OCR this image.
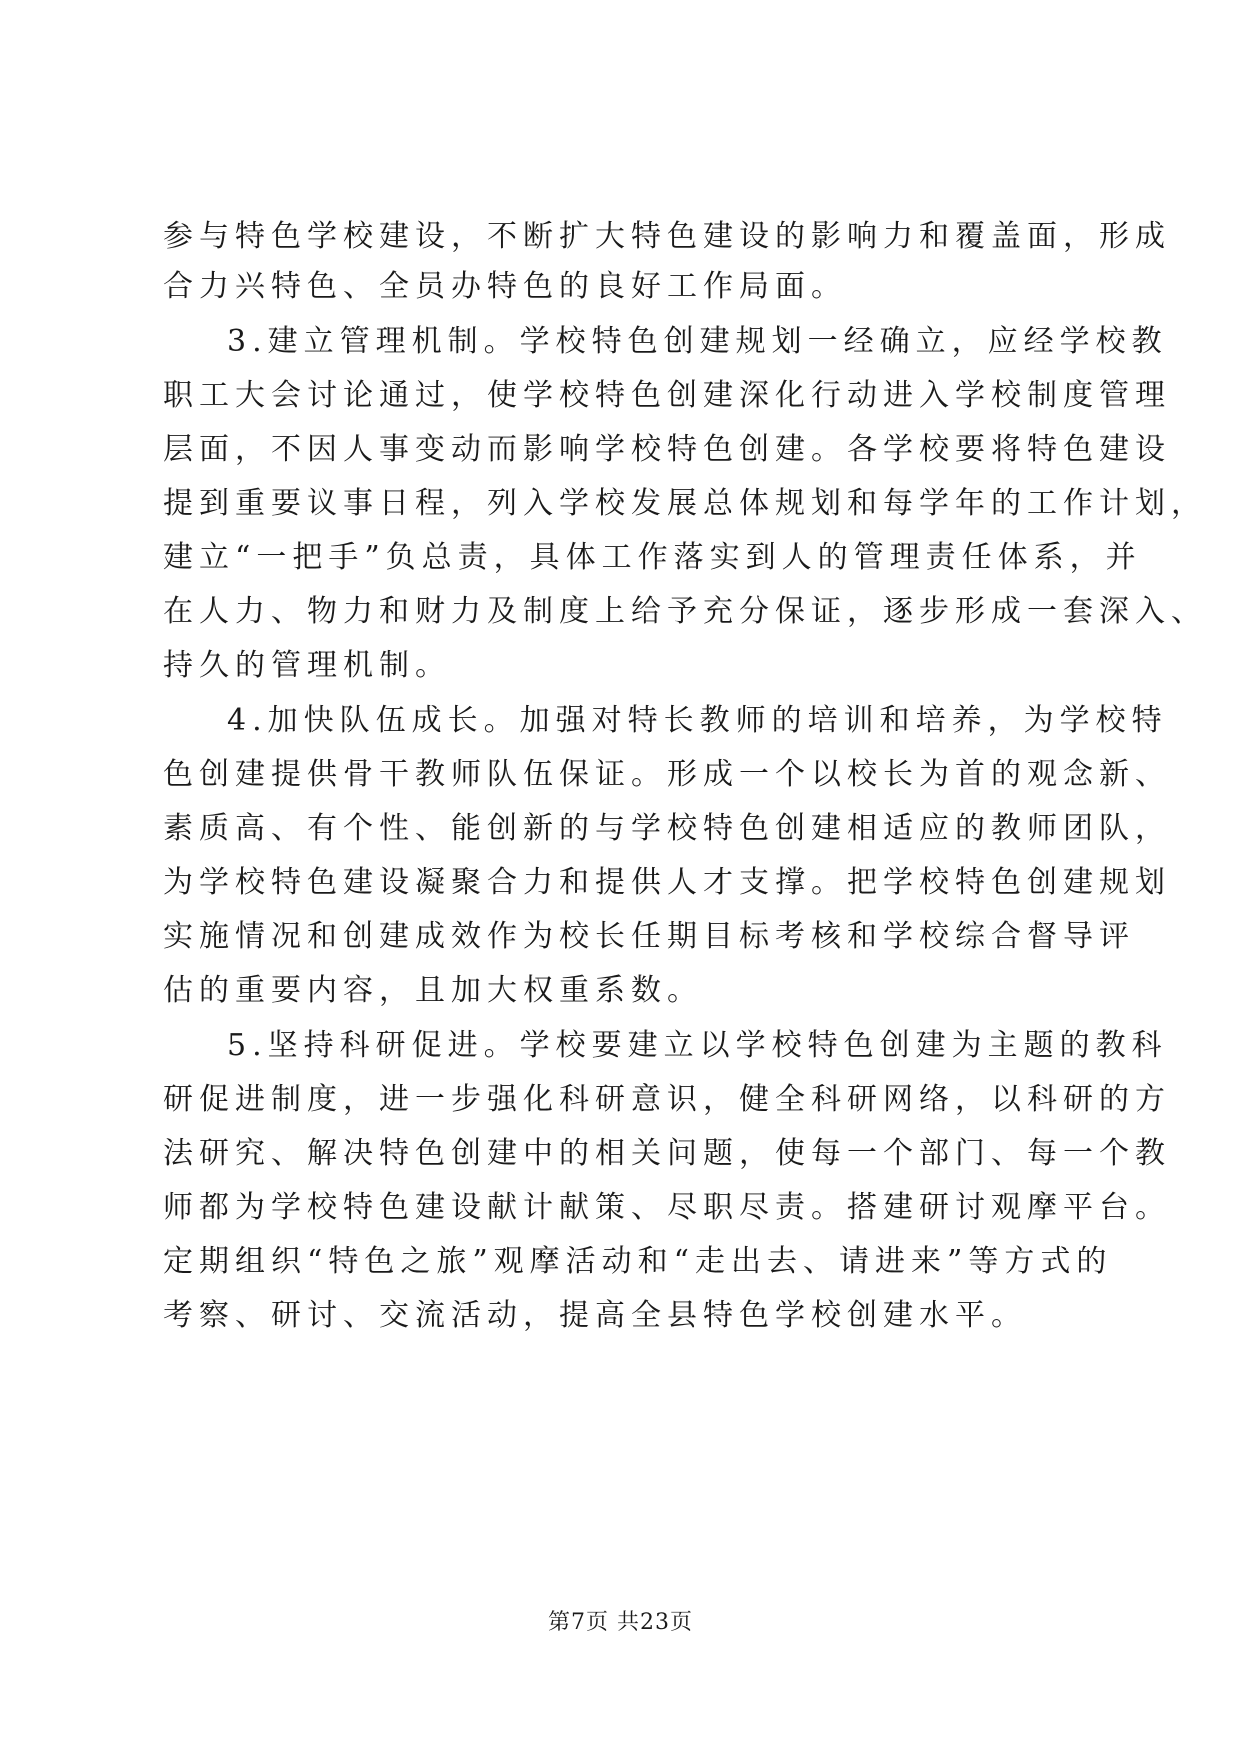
参与特色学校建设，不断扩大特色建设的影响力和覆盖面，形成
合力兴特色、全员办特色的良好工作局面。
3.建立管理机制。学校特色创建规划一经确立，应经学校教
职工大会讨论通过，使学校特色创建深化行动进入学校制度管理
层面，不因人事变动而影响学校特色创建。各学校要将特色建设
提到重要议事日程，列入学校发展总体规划和每学年的工作计划，
建立“一把手”负总责，具体工作落实到人的管理责任体系，并
在人力、物力和财力及制度上给予充分保证，逐步形成一套深入、
持久的管理机制。
4.加快队伍成长。加强对特长教师的培训和培养，为学校特
色创建提供骨干教师队伍保证。形成一个以校长为首的观念新、
素质高、有个性、能创新的与学校特色创建相适应的教师团队，
为学校特色建设凝聚合力和提供人才支撑。把学校特色创建规划
实施情况和创建成效作为校长任期目标考核和学校综合督导评
估的重要内容，且加大权重系数。
5.坚持科研促进。学校要建立以学校特色创建为主题的教科
研促进制度，进一步强化科研意识，健全科研网络，以科研的方
法研究、解决特色创建中的相关问题，使每一个部门、每一个教
师都为学校特色建设献计献策、尽职尽责。搭建研讨观摩平台。
定期组织“特色之旅”观摩活动和“走出去、请进来”等方式的
考察、研讨、交流活动，提高全县特色学校创建水平。
第7页 共23页
